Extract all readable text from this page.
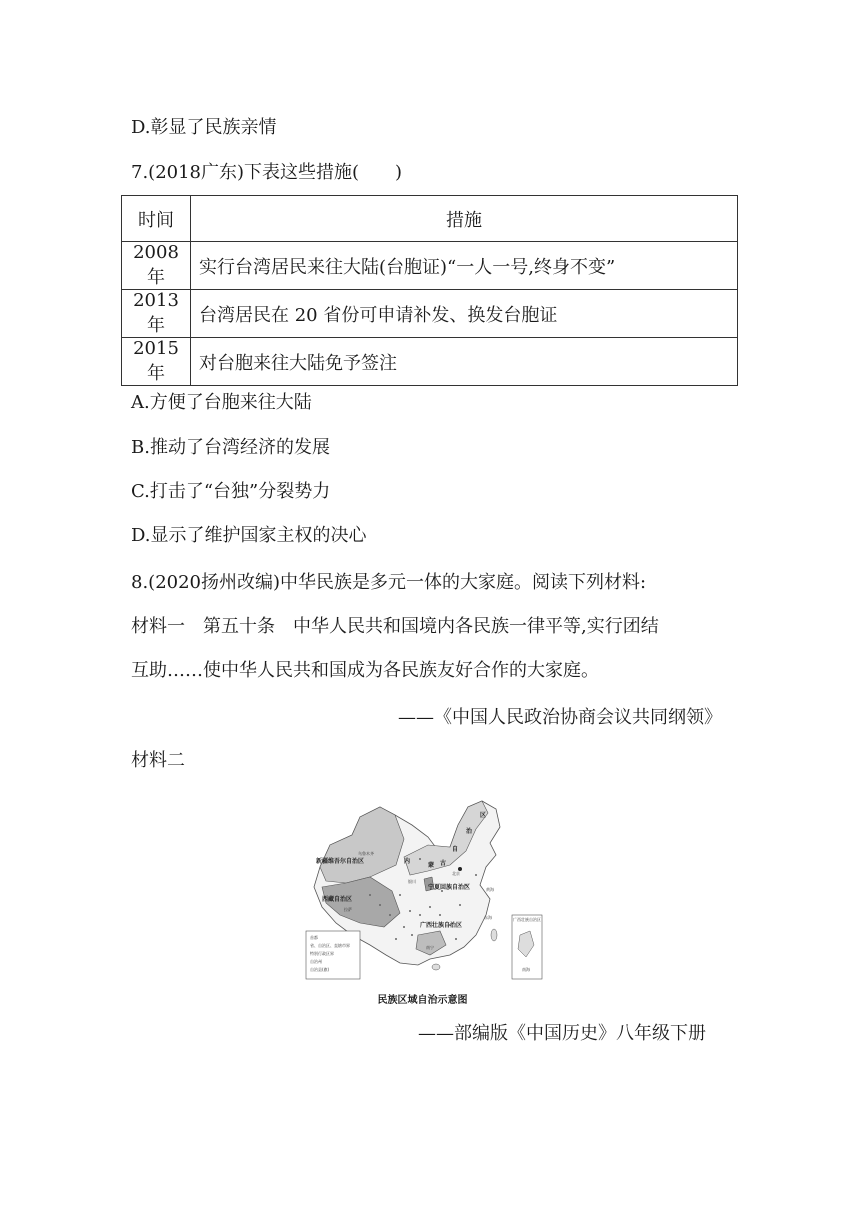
D.彰显了民族亲情
7.(2018广东)下表这些措施(　　)
时间	措施
2008 年	实行台湾居民来往大陆(台胞证)“一人一号,终身不变”
2013 年	台湾居民在 20 省份可申请补发、换发台胞证
2015 年	对台胞来往大陆免予签注
A.方便了台胞来往大陆
B.推动了台湾经济的发展
C.打击了“台独”分裂势力
D.显示了维护国家主权的决心
8.(2020扬州改编)中华民族是多元一体的大家庭。阅读下列材料:
材料一　第五十条　中华人民共和国境内各民族一律平等,实行团结
互助……使中华人民共和国成为各民族友好合作的大家庭。
——《中国人民政治协商会议共同纲领》
材料二
新疆维吾尔自治区
西藏自治区
内
蒙 古
自
治
区
宁夏回族自治区
广西壮族自治区
北京
拉萨
乌鲁木齐
银川
南宁
黄海
东海
首都
省、自治区、直辖市界
特别行政区界
自治州
自治县(旗)
广西壮族自治区
南海
民族区域自治示意图
——部编版《中国历史》八年级下册
